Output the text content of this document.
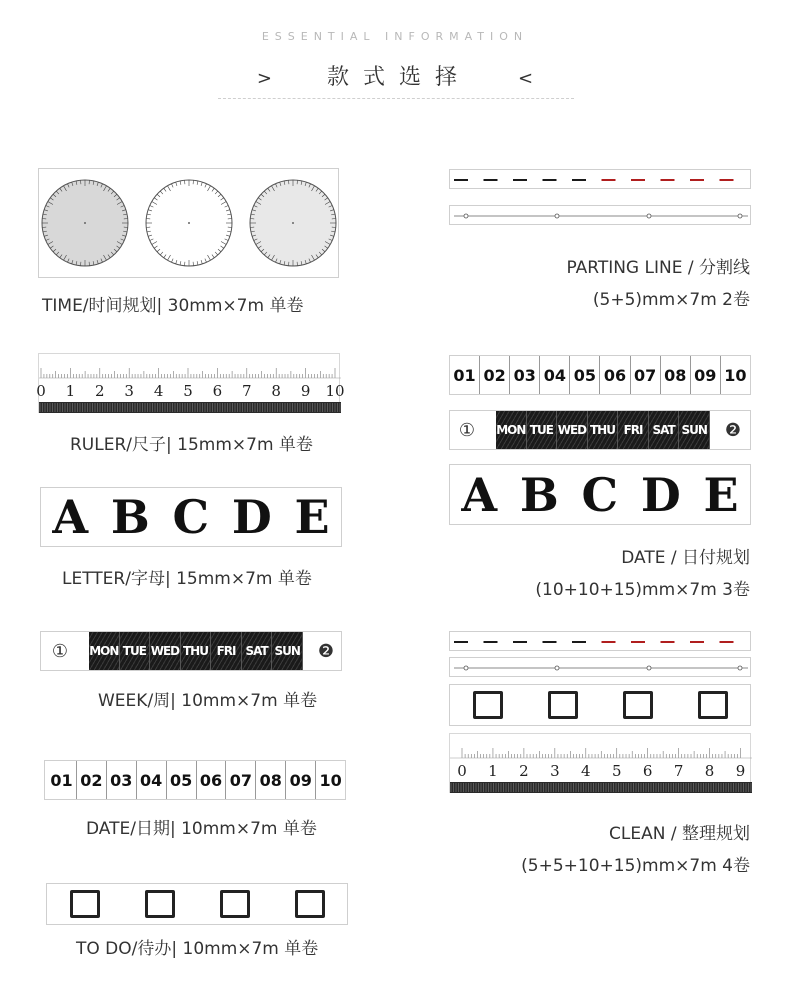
ESSENTIAL INFORMATION
>	款式选择	<
TIME/时间规划| 30mm×7m 单卷
0 1 2 3 4 5 6 7 8 9 10
RULER/尺子| 15mm×7m 单卷
A B C D E
LETTER/字母| 15mm×7m 单卷
① MON TUE WED THU FRI SAT SUN ❷
WEEK/周| 10mm×7m 单卷
01 02 03 04 05 06 07 08 09 10
DATE/日期| 10mm×7m 单卷
TO DO/待办| 10mm×7m 单卷
PARTING LINE / 分割线
(5+5)mm×7m 2卷
01 02 03 04 05 06 07 08 09 10
① MON TUE WED THU FRI SAT SUN ❷
A B C D E
DATE / 日付规划
(10+10+15)mm×7m 3卷
0 1 2 3 4 5 6 7 8 9
CLEAN / 整理规划
(5+5+10+15)mm×7m 4卷
